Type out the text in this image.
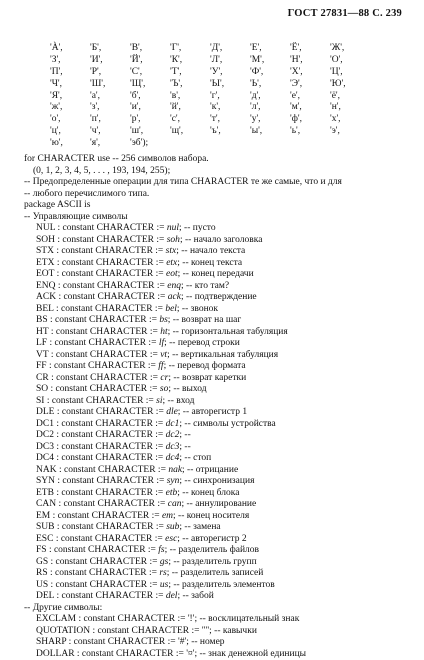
ГОСТ 27831—88 С. 239
'À',	'Б',	'В',	'Г',	'Д',	'Е',	'Ё',	'Ж',
'З',	'И',	'Й',	'К',	'Л',	'М',	'Н',	'О',
'П',	'Р',	'С',	'Т',	'У',	'Ф',	'Х',	'Ц',
'Ч',	'Ш',	'Щ',	'Ъ',	'Ы',	'Ь',	'Э',	'Ю',
'Я',	'а',	'б',	'в',	'г',	'д',	'е',	'ё',
'ж',	'з',	'и',	'й',	'к',	'л',	'м',	'н',
'о',	'п',	'р',	'с',	'т',	'у',	'ф',	'х',
'ц',	'ч',	'ш',	'щ',	'ъ',	'ы',	'ь',	'э',
'ю',	'я',	'эб');
for CHARACTER use -- 256 символов набора.
(0, 1, 2, 3, 4, 5, . . . , 193, 194, 255);
-- Предопределенные операции для типа CHARACTER те же самые, что и для
-- любого перечислимого типа.
package ASCII is
-- Управляющие символы
NUL : constant CHARACTER := nul; -- пусто
SOH : constant CHARACTER := soh; -- начало заголовка
STX : constant CHARACTER := stx; -- начало текста
ETX : constant CHARACTER := etx; -- конец текста
EOT : constant CHARACTER := eot; -- конец передачи
ENQ : constant CHARACTER := enq; -- кто там?
ACK : constant CHARACTER := ack; -- подтверждение
BEL : constant CHARACTER := bel; -- звонок
BS : constant CHARACTER := bs; -- возврат на шаг
HT : constant CHARACTER := ht; -- горизонтальная табуляция
LF : constant CHARACTER := lf; -- перевод строки
VT : constant CHARACTER := vt; -- вертикальная табуляция
FF : constant CHARACTER := ff; -- перевод формата
CR : constant CHARACTER := cr; -- возврат каретки
SO : constant CHARACTER := so; -- выход
SI : constant CHARACTER := si; -- вход
DLE : constant CHARACTER := dle; -- авторегистр 1
DC1 : constant CHARACTER := dc1; -- символы устройства
DC2 : constant CHARACTER := dc2; --
DC3 : constant CHARACTER := dc3; --
DC4 : constant CHARACTER := dc4; -- стоп
NAK : constant CHARACTER := nak; -- отрицание
SYN : constant CHARACTER := syn; -- синхронизация
ETB : constant CHARACTER := etb; -- конец блока
CAN : constant CHARACTER := can; -- аннулирование
EM : constant CHARACTER := em; -- конец носителя
SUB : constant CHARACTER := sub; -- замена
ESC : constant CHARACTER := esc; -- авторегистр 2
FS : constant CHARACTER := fs; -- разделитель файлов
GS : constant CHARACTER := gs; -- разделитель групп
RS : constant CHARACTER := rs; -- разделитель записей
US : constant CHARACTER := us; -- разделитель элементов
DEL : constant CHARACTER := del; -- забой
-- Другие символы:
EXCLAM : constant CHARACTER := '!'; -- восклицательный знак
QUOTATION : constant CHARACTER := '"'; -- кавычки
SHARP : constant CHARACTER := '#'; -- номер
DOLLAR : constant CHARACTER := '¤'; -- знак денежной единицы
